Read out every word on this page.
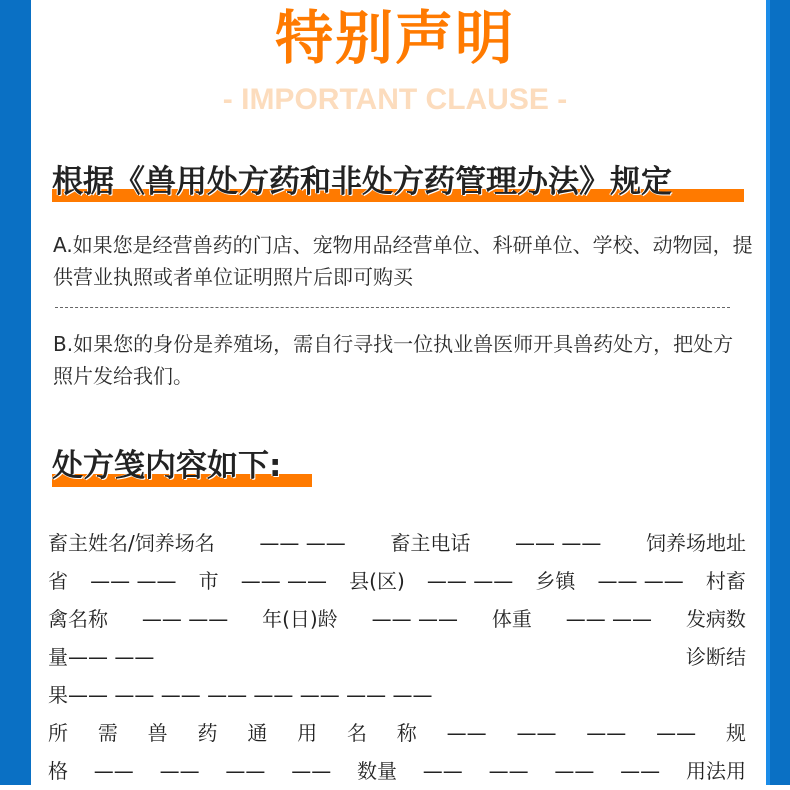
特别声明
- IMPORTANT CLAUSE -
根据《兽用处方药和非处方药管理办法》规定
A.如果您是经营兽药的门店、宠物用品经营单位、科研单位、学校、动物园，提供营业执照或者单位证明照片后即可购买
B.如果您的身份是养殖场，需自行寻找一位执业兽医师开具兽药处方，把处方照片发给我们。
处方笺内容如下:
畜主姓名/饲养场名 —— —— 畜主电话 —— —— 饲养场地址
省 —— —— 市 —— —— 县(区) —— —— 乡镇 —— —— 村畜
禽名称 —— —— 年(日)龄 —— —— 体重 —— —— 发病数
量—— ——	诊断结
果 —— —— —— —— —— —— —— ——
所 需 兽 药 通 用 名 称 —— —— —— —— 规
格 —— —— —— —— 数量 —— —— —— —— 用法用
